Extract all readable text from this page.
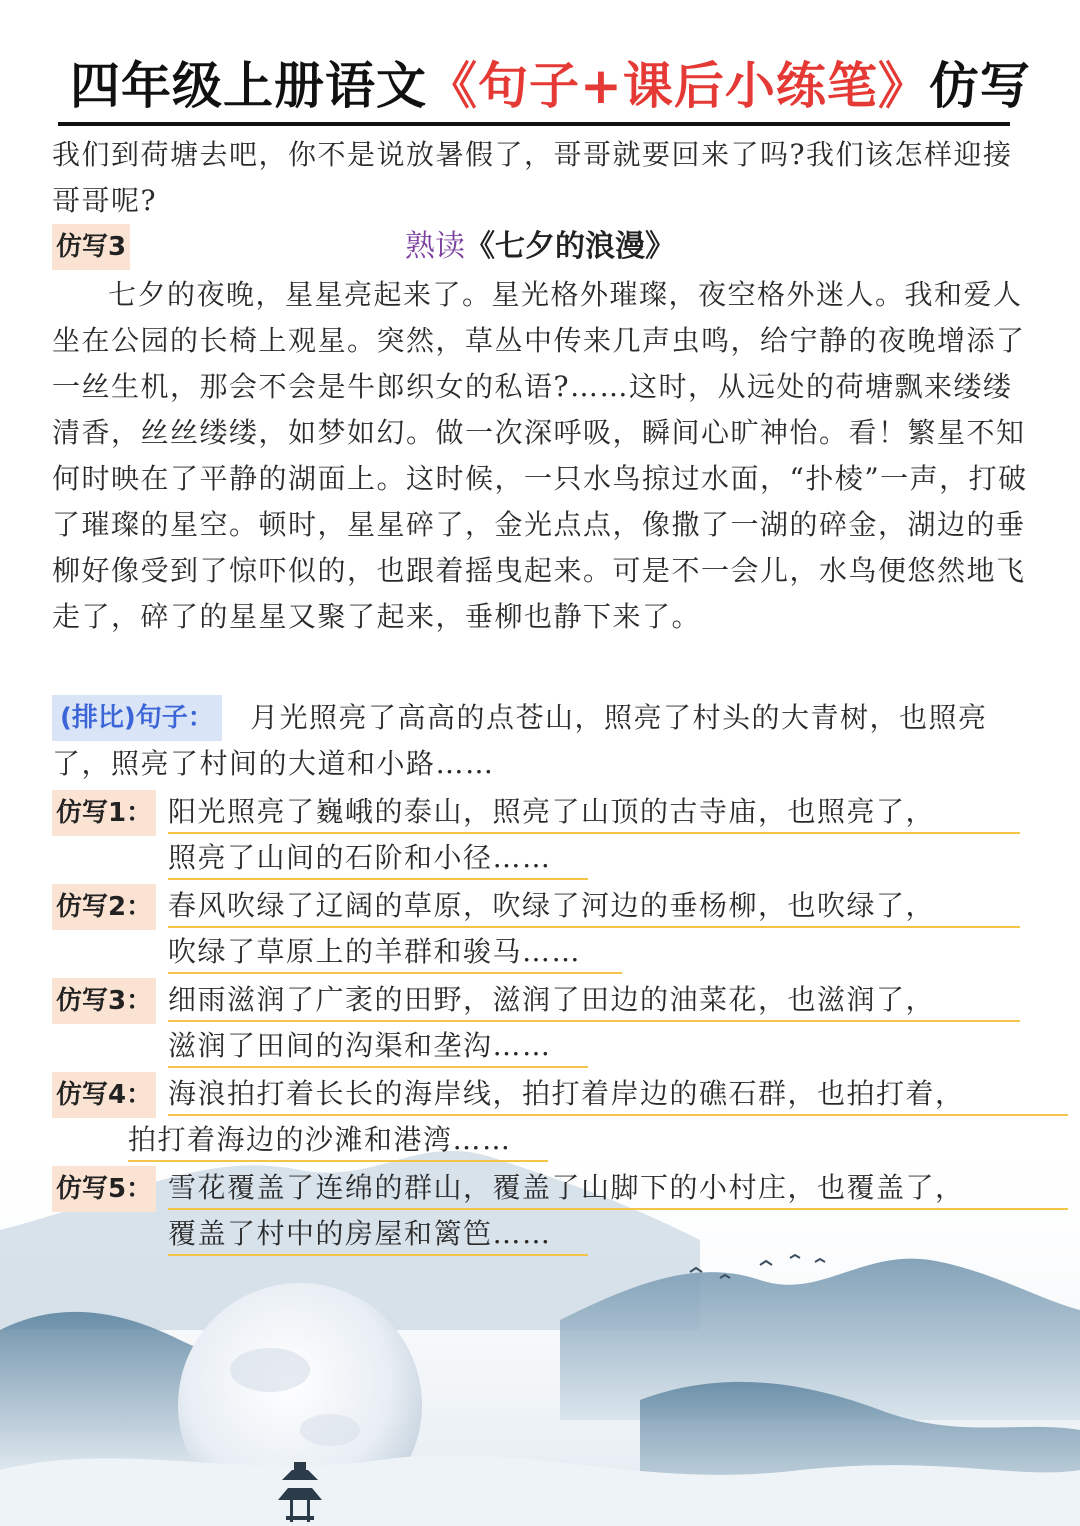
四年级上册语文《句子+课后小练笔》仿写
我们到荷塘去吧，你不是说放暑假了，哥哥就要回来了吗?我们该怎样迎接哥哥呢?
仿写3	熟读《七夕的浪漫》
七夕的夜晚，星星亮起来了。星光格外璀璨，夜空格外迷人。我和爱人坐在公园的长椅上观星。突然，草丛中传来几声虫鸣，给宁静的夜晚增添了一丝生机，那会不会是牛郎织女的私语?……这时，从远处的荷塘飘来缕缕清香，丝丝缕缕，如梦如幻。做一次深呼吸，瞬间心旷神怡。看！繁星不知何时映在了平静的湖面上。这时候，一只水鸟掠过水面，“扑棱”一声，打破了璀璨的星空。顿时，星星碎了，金光点点，像撒了一湖的碎金，湖边的垂柳好像受到了惊吓似的，也跟着摇曳起来。可是不一会儿，水鸟便悠然地飞走了，碎了的星星又聚了起来，垂柳也静下来了。
(排比)句子：	月光照亮了高高的点苍山，照亮了村头的大青树，也照亮了，照亮了村间的大道和小路……
仿写1： 阳光照亮了巍峨的泰山，照亮了山顶的古寺庙，也照亮了，
照亮了山间的石阶和小径……
仿写2： 春风吹绿了辽阔的草原，吹绿了河边的垂杨柳，也吹绿了，
吹绿了草原上的羊群和骏马……
仿写3： 细雨滋润了广袤的田野，滋润了田边的油菜花，也滋润了，
滋润了田间的沟渠和垄沟……
仿写4： 海浪拍打着长长的海岸线，拍打着岸边的礁石群，也拍打着，
拍打着海边的沙滩和港湾……
仿写5： 雪花覆盖了连绵的群山，覆盖了山脚下的小村庄，也覆盖了，
覆盖了村中的房屋和篱笆……
